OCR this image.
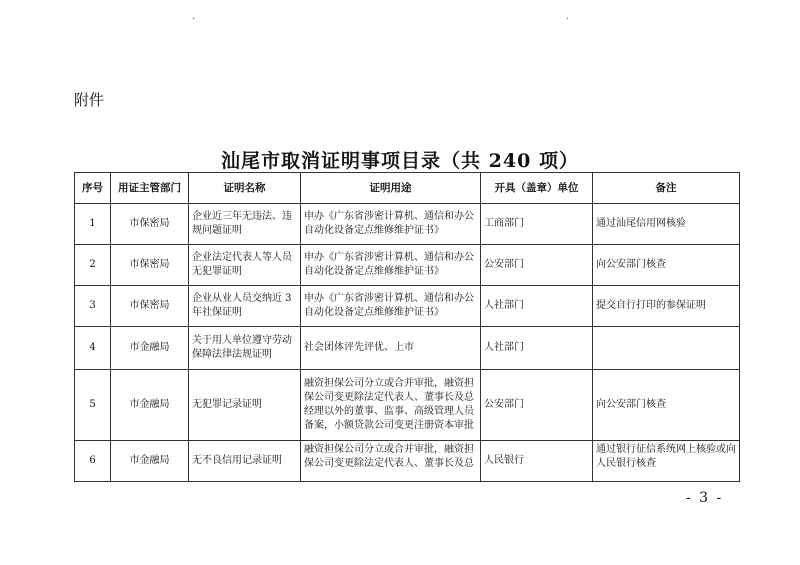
·	·
附件
汕尾市取消证明事项目录（共 240 项）
序号	用证主管部门	证明名称	证明用途	开具（盖章）单位	备注
1	市保密局	企业近三年无违法、违规问题证明	申办《广东省涉密计算机、通信和办公自动化设备定点维修维护证书》	工商部门	通过汕尾信用网核验
2	市保密局	企业法定代表人等人员无犯罪证明	申办《广东省涉密计算机、通信和办公自动化设备定点维修维护证书》	公安部门	向公安部门核查
3	市保密局	企业从业人员交纳近 3 年社保证明	申办《广东省涉密计算机、通信和办公自动化设备定点维修维护证书》	人社部门	提交自行打印的参保证明
4	市金融局	关于用人单位遵守劳动保障法律法规证明	社会团体评先评优、上市	人社部门	
5	市金融局	无犯罪记录证明	融资担保公司分立或合并审批，融资担保公司变更除法定代表人、董事长及总经理以外的董事、监事、高级管理人员备案，小额贷款公司变更注册资本审批	公安部门	向公安部门核查
6	市金融局	无不良信用记录证明	融资担保公司分立或合并审批，融资担保公司变更除法定代表人、董事长及总	人民银行	通过银行征信系统网上核验或向人民银行核查
- 3 -
